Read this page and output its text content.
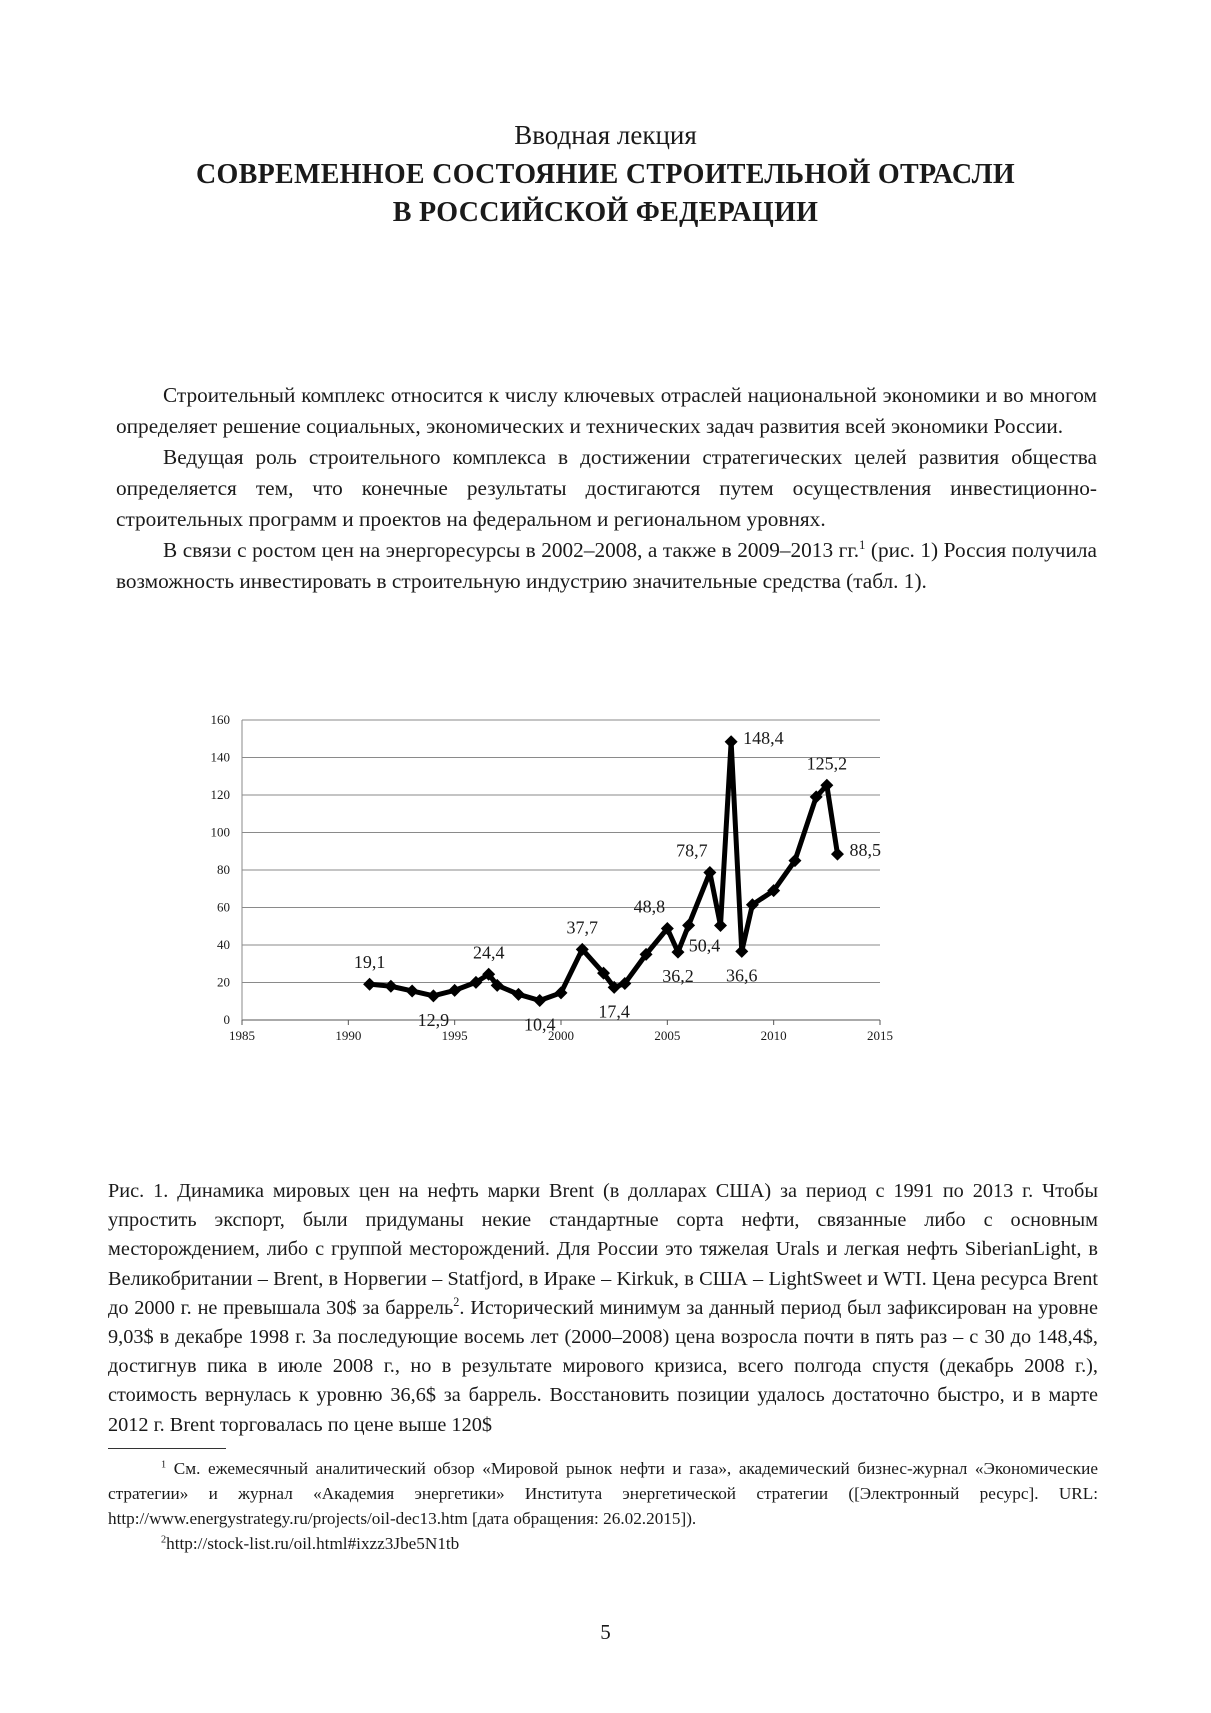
Вводная лекция

СОВРЕМЕННОЕ СОСТОЯНИЕ СТРОИТЕЛЬНОЙ ОТРАСЛИ
В РОССИЙСКОЙ ФЕДЕРАЦИИ

Строительный комплекс относится к числу ключевых отраслей национальной экономики и во многом определяет решение социальных, экономических и технических задач развития всей экономики России.

Ведущая роль строительного комплекса в достижении стратегических целей развития общества определяется тем, что конечные результаты достигаются путем осуществления инвестиционно-строительных программ и проектов на федеральном и региональном уровнях.

В связи с ростом цен на энергоресурсы в 2002–2008, а также в 2009–2013 гг.$^1$ (рис. 1) Россия получила возможность инвестировать в строительную индустрию значительные средства (табл. 1).

0
20
40
60
80
100
120
140
160
1985	1990	1995	2000	2005	2010	2015
19,1
12,9
24,4
10,4
37,7
17,4
48,8
36,2
78,7
50,4
148,4
36,6
125,2
88,5

Рис. 1. Динамика мировых цен на нефть марки Brent (в долларах США) за период с 1991 по 2013 г. Чтобы упростить экспорт, были придуманы некие стандартные сорта нефти, связанные либо с основным месторождением, либо с группой месторождений. Для России это тяжелая Urals и легкая нефть SiberianLight, в Великобритании – Brent, в Норвегии – Statfjord, в Ираке – Kirkuk, в США – LightSweet и WTI. Цена ресурса Brent до 2000 г. не превышала 30$ за баррель$^2$. Исторический минимум за данный период был зафиксирован на уровне 9,03$ в декабре 1998 г. За последующие восемь лет (2000–2008) цена возросла почти в пять раз – с 30 до 148,4$, достигнув пика в июле 2008 г., но в результате мирового кризиса, всего полгода спустя (декабрь 2008 г.), стоимость вернулась к уровню 36,6$ за баррель. Восстановить позиции удалось достаточно быстро, и в марте 2012 г. Brent торговалась по цене выше 120$

$^1$ См. ежемесячный аналитический обзор «Мировой рынок нефти и газа», академический бизнес-журнал «Экономические стратегии» и журнал «Академия энергетики» Института энергетической стратегии ([Электронный ресурс]. URL: http://www.energystrategy.ru/projects/oil-dec13.htm [дата обращения: 26.02.2015]).

$^2$http://stock-list.ru/oil.html#ixzz3Jbe5N1tb

5
